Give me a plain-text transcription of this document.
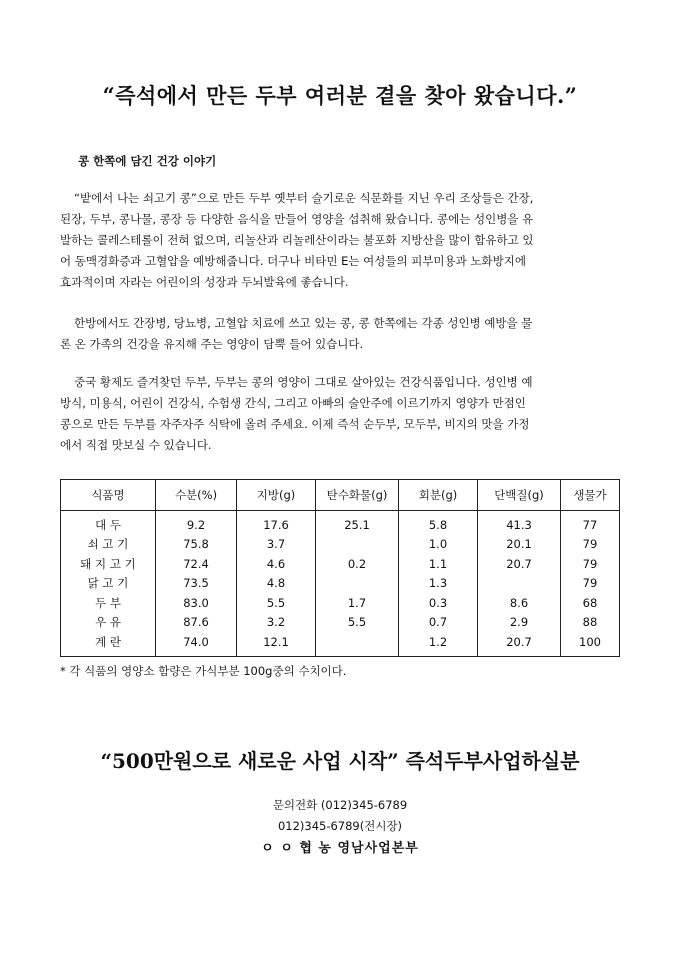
“즉석에서 만든 두부 여러분 곁을 찾아 왔습니다.”
콩 한쪽에 담긴 건강 이야기
“밭에서 나는 쇠고기 콩”으로 만든 두부 옛부터 슬기로운 식문화를 지닌 우리 조상들은 간장,
된장, 두부, 콩나물, 콩장 등 다양한 음식을 만들어 영양을 섭취해 왔습니다. 콩에는 성인병을 유
발하는 콜레스테롤이 전혀 없으며, 리놀산과 리놀레산이라는 불포화 지방산을 많이 함유하고 있
어 동맥경화증과 고혈압을 예방해줍니다. 더구나 비타민 E는 여성들의 피부미용과 노화방지에
효과적이며 자라는 어린이의 성장과 두뇌발육에 좋습니다.
한방에서도 간장병, 당뇨병, 고혈압 치료에 쓰고 있는 콩, 콩 한쪽에는 각종 성인병 예방을 물
론 온 가족의 건강을 유지해 주는 영양이 담뿍 들어 있습니다.
중국 황제도 즐겨찾던 두부, 두부는 콩의 영양이 그대로 살아있는 건강식품입니다. 성인병 예
방식, 미용식, 어린이 건강식, 수험생 간식, 그리고 아빠의 술안주에 이르기까지 영양가 만점인
콩으로 만든 두부를 자주자주 식탁에 올려 주세요. 이제 즉석 순두부, 모두부, 비지의 맛을 가정
에서 직접 맛보실 수 있습니다.
식품명	수분(%)	지방(g)	탄수화물(g)	회분(g)	단백질(g)	생물가
대 두	9.2	17.6	25.1	5.8	41.3	77
쇠 고 기	75.8	3.7		1.0	20.1	79
돼 지 고 기	72.4	4.6	0.2	1.1	20.7	79
닭 고 기	73.5	4.8		1.3		79
두 부	83.0	5.5	1.7	0.3	8.6	68
우 유	87.6	3.2	5.5	0.7	2.9	88
계 란	74.0	12.1		1.2	20.7	100
* 각 식품의 영양소 함량은 가식부분 100g중의 수치이다.
“500만원으로 새로운 사업 시작” 즉석두부사업하실분
문의전화 (012)345-6789
012)345-6789(전시장)
ㅇ ㅇ 협 농 영남사업본부
